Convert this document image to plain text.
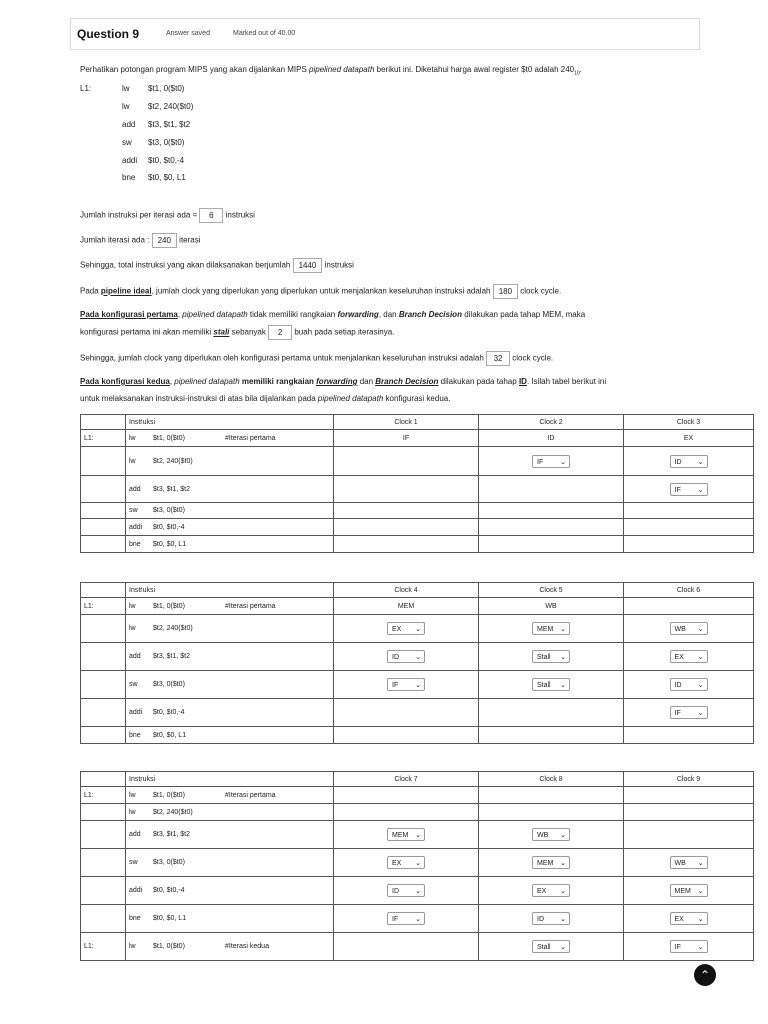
Question 9	Answer saved	Marked out of 40.00
Perhatikan potongan program MIPS yang akan dijalankan MIPS pipelined datapath berikut ini. Diketahui harga awal register $t0 adalah $240_{10}$.
L1:	lw $t1, 0($t0)
lw $t2, 240($t0)
add $t3, $t1, $t2
sw $t3, 0($t0)
addi $t0, $t0,-4
bne $t0, $0, L1
Jumlah instruksi per iterasi ada = 6 instruksi
Jumlah iterasi ada : 240 iterasi
Sehingga, total instruksi yang akan dilaksanakan berjumlah 1440 instruksi
Pada pipeline ideal, jumlah clock yang diperlukan yang diperlukan untuk menjalankan keseluruhan instruksi adalah 180 clock cycle.
Pada konfigurasi pertama, pipelined datapath tidak memiliki rangkaian forwarding, dan Branch Decision dilakukan pada tahap MEM, maka
konfigurasi pertama ini akan memiliki stali sebanyak 2 buah pada setiap iterasinya.
Sehingga, jumlah clock yang diperlukan oleh konfigurasi pertama untuk menjalankan keseluruhan instruksi adalah 32 clock cycle.
Pada konfigurasi kedua, pipelined datapath memiliki rangkaian forwarding dan Branch Decision dilakukan pada tahap ID. Isilah tabel berikut ini
untuk melaksanakan instruksi-instruksi di atas bila dijalankan pada pipelined datapath konfigurasi kedua.
	Instruksi	Clock 1	Clock 2	Clock 3
L1:	lw $t1, 0($t0) #Iterasi pertama	IF	ID	EX
	lw $t2, 240($t0)		IF ⌄	ID ⌄

	add $t3, $t1, $t2			IF ⌄

	sw $t3, 0($t0)			
	addi $t0, $t0,-4			
	bne $t0, $0, L1			
	Instruksi	Clock 4	Clock 5	Clock 6
L1:	lw $t1, 0($t0) #Iterasi pertama	MEM	WB	
	lw $t2, 240($t0)	EX ⌄	MEM ⌄	WB ⌄

	add $t3, $t1, $t2	ID ⌄	Stall ⌄	EX ⌄

	sw $t3, 0($t0)	IF ⌄	Stall ⌄	ID ⌄

	addi $t0, $t0,-4			IF ⌄

	bne $t0, $0, L1			
	Instruksi	Clock 7	Clock 8	Clock 9
L1:	lw $t1, 0($t0) #Iterasi pertama			
	lw $t2, 240($t0)			
	add $t3, $t1, $t2	MEM ⌄	WB ⌄	

	sw $t3, 0($t0)	EX ⌄	MEM ⌄	WB ⌄

	addi $t0, $t0,-4	ID ⌄	EX ⌄	MEM ⌄

	bne $t0, $0, L1	IF ⌄	ID ⌄	EX ⌄

L1:	lw $t1, 0($t0) #Iterasi kedua		Stall ⌄	IF ⌄
⌃
